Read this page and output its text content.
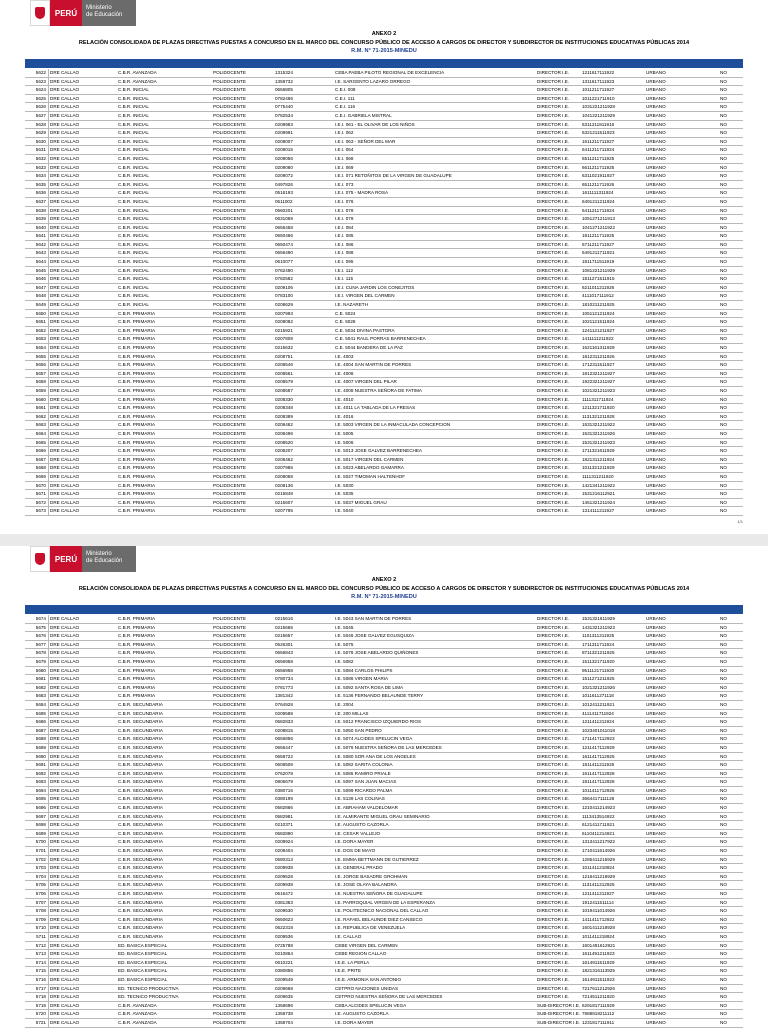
PERÚ
Ministerio
de Educación
ANEXO 2
RELACIÓN CONSOLIDADA DE PLAZAS DIRECTIVAS PUESTAS A CONCURSO EN EL MARCO DEL CONCURSO PÚBLICO DE ACCESO A CARGOS DE DIRECTOR Y SUBDIRECTOR DE INSTITUCIONES EDUCATIVAS PÚBLICAS 2014
R.M. N° 71-2015-MINEDU
5622 DRE CALLAO	C.B.R. AVANZADA	POLIDOCENTE	1315324	CEBA PAEBA PILOTO REGIONAL DE EXCELENCIA	DIRECTOR I.E.	1211617111922	URBANO	NO
5623 DRE CALLAO	C.B.R. AVANZADA	POLIDOCENTE	1358732	I.E. SARGENTO LAZARO ORREGO	DIRECTOR I.E.	1311617111923	URBANO	NO
5624 DRE CALLAO	C.B.R. INICIAL	POLIDOCENTE	0656805	C.E.I. 008	DIRECTOR I.E.	1011211711927	URBANO	NO
5625 DRE CALLAO	C.B.R. INICIAL	POLIDOCENTE	0782466	C.E.I. 111	DIRECTOR I.E.	1011221711910	URBANO	NO
5626 DRE CALLAO	C.B.R. INICIAL	POLIDOCENTE	0775440	C.E.I. 116	DIRECTOR I.E.	1031221211928	URBANO	NO
5627 DRE CALLAO	C.B.R. INICIAL	POLIDOCENTE	0782534	C.E.I. GABRIELA MISTRAL	DIRECTOR I.E.	1041221211929	URBANO	NO
5628 DRE CALLAO	C.B.R. INICIAL	POLIDOCENTE	0208983	I.E.I. 061 - EL OLIVAR DE LOS NIÑOS	DIRECTOR I.E.	6311211811916	URBANO	NO
5629 DRE CALLAO	C.B.R. INICIAL	POLIDOCENTE	0208991	I.E.I. 062	DIRECTOR I.E.	6321211511923	URBANO	NO
5630 DRE CALLAO	C.B.R. INICIAL	POLIDOCENTE	0209007	I.E.I. 063 - SEÑOR DEL MAR	DIRECTOR I.E.	1611211711927	URBANO	NO
5631 DRE CALLAO	C.B.R. INICIAL	POLIDOCENTE	0209015	I.E.I. 064	DIRECTOR I.E.	6411211711924	URBANO	NO
5632 DRE CALLAO	C.B.R. INICIAL	POLIDOCENTE	0209056	I.E.I. 068	DIRECTOR I.E.	6511211711925	URBANO	NO
5633 DRE CALLAO	C.B.R. INICIAL	POLIDOCENTE	0209080	I.E.I. 069	DIRECTOR I.E.	6611211711925	URBANO	NO
5634 DRE CALLAO	C.B.R. INICIAL	POLIDOCENTE	0209072	I.E.I. 071 RETOÑITOS DE LA VIRGEN DE GUADALUPE	DIRECTOR I.E.	6311021911927	URBANO	NO
5635 DRE CALLAO	C.B.R. INICIAL	POLIDOCENTE	0497826	I.E.I. 073	DIRECTOR I.E.	6511211711926	URBANO	NO
5636 DRE CALLAO	C.B.R. INICIAL	POLIDOCENTE	0516193	I.E.I. 075 - MADRA ROSA	DIRECTOR I.E.	1611111311924	URBANO	NO
5637 DRE CALLAO	C.B.R. INICIAL	POLIDOCENTE	0511002	I.E.I. 076	DIRECTOR I.E.	6491211211924	URBANO	NO
5638 DRE CALLAO	C.B.R. INICIAL	POLIDOCENTE	0560201	I.E.I. 078	DIRECTOR I.E.	6411211711924	URBANO	NO
5639 DRE CALLAO	C.B.R. INICIAL	POLIDOCENTE	0631069	I.E.I. 079	DIRECTOR I.E.	1051271211913	URBANO	NO
5640 DRE CALLAO	C.B.R. INICIAL	POLIDOCENTE	0656458	I.E.I. 084	DIRECTOR I.E.	1041271211922	URBANO	NO
5641 DRE CALLAO	C.B.R. INICIAL	POLIDOCENTE	0650466	I.E.I. 085	DIRECTOR I.E.	1811211711925	URBANO	NO
5642 DRE CALLAO	C.B.R. INICIAL	POLIDOCENTE	0650474	I.E.I. 086	DIRECTOR I.E.	6711211711927	URBANO	NO
5643 DRE CALLAO	C.B.R. INICIAL	POLIDOCENTE	0656490	I.E.I. 088	DIRECTOR I.E.	6491211711921	URBANO	NO
5644 DRE CALLAO	C.B.R. INICIAL	POLIDOCENTE	0610077	I.E.I. 095	DIRECTOR I.E.	1811711511919	URBANO	NO
5645 DRE CALLAO	C.B.R. INICIAL	POLIDOCENTE	0782490	I.E.I. 112	DIRECTOR I.E.	1081221211929	URBANO	NO
5646 DRE CALLAO	C.B.R. INICIAL	POLIDOCENTE	0782582	I.E.I. 115	DIRECTOR I.E.	1811271511915	URBANO	NO
5647 DRE CALLAO	C.B.R. INICIAL	POLIDOCENTE	0209106	I.E.I. CUNA JARDIN LOS CONEJITOS	DIRECTOR I.E.	6211011211926	URBANO	NO
5648 DRE CALLAO	C.B.R. INICIAL	POLIDOCENTE	0783100	I.E.I. VIRGEN DEL CARMEN	DIRECTOR I.E.	4111017111912	URBANO	NO
5649 DRE CALLAO	C.B.R. INICIAL	POLIDOCENTE	0208629	I.E. NAZARETH	DIRECTOR I.E.	1810211211925	URBANO	NO
5650 DRE CALLAO	C.B.R. PRIMARIA	POLIDOCENTE	0207993	C.E. 5024	DIRECTOR I.E.	1051121211924	URBANO	NO
5651 DRE CALLAO	C.B.R. PRIMARIA	POLIDOCENTE	0208082	C.E. 5028	DIRECTOR I.E.	1021121511924	URBANO	NO
5652 DRE CALLAO	C.B.R. PRIMARIA	POLIDOCENTE	0215921	C.E. 5034 DIVINA PASTORA	DIRECTOR I.E.	1241121211927	URBANO	NO
5653 DRE CALLAO	C.B.R. PRIMARIA	POLIDOCENTE	0207808	C.E. 5041 RAUL PORRAS BARRENECHEA	DIRECTOR I.E.	1411111211922	URBANO	NO
5654 DRE CALLAO	C.B.R. PRIMARIA	POLIDOCENTE	0215632	C.E. 5044 BANDERA DE LA PAZ	DIRECTOR I.E.	1621161311929	URBANO	NO
5655 DRE CALLAO	C.B.R. PRIMARIA	POLIDOCENTE	0208751	I.E. 4003	DIRECTOR I.E.	1812311211926	URBANO	NO
5656 DRE CALLAO	C.B.R. PRIMARIA	POLIDOCENTE	0208546	I.E. 4004 SAN MARTIN DE PORRES	DIRECTOR I.E.	1712311511927	URBANO	NO
5657 DRE CALLAO	C.B.R. PRIMARIA	POLIDOCENTE	0208561	I.E. 4006	DIRECTOR I.E.	1812321211927	URBANO	NO
5658 DRE CALLAO	C.B.R. PRIMARIA	POLIDOCENTE	0208579	I.E. 4007 VIRGEN DEL PILAR	DIRECTOR I.E.	1922321211927	URBANO	NO
5659 DRE CALLAO	C.B.R. PRIMARIA	POLIDOCENTE	0208587	I.E. 4008 NUESTRA SEÑORA DE FATIMA	DIRECTOR I.E.	1021321211923	URBANO	NO
5660 DRE CALLAO	C.B.R. PRIMARIA	POLIDOCENTE	0208330	I.E. 4010	DIRECTOR I.E.	1111311711924	URBANO	NO
5661 DRE CALLAO	C.B.R. PRIMARIA	POLIDOCENTE	0208348	I.E. 4011 LA TABLADA DE LA FRESAS	DIRECTOR I.E.	1211321711920	URBANO	NO
5662 DRE CALLAO	C.B.R. PRIMARIA	POLIDOCENTE	0208389	I.E. 4016	DIRECTOR I.E.	1131321211928	URBANO	NO
5663 DRE CALLAO	C.B.R. PRIMARIA	POLIDOCENTE	0208462	I.E. 5003 VIRGEN DE LA INMACULADA CONCEPCION	DIRECTOR I.E.	1531321211922	URBANO	NO
5664 DRE CALLAO	C.B.R. PRIMARIA	POLIDOCENTE	0208496	I.E. 5005	DIRECTOR I.E.	1531321211926	URBANO	NO
5665 DRE CALLAO	C.B.R. PRIMARIA	POLIDOCENTE	0208520	I.E. 5006	DIRECTOR I.E.	1531321211923	URBANO	NO
5666 DRE CALLAO	C.B.R. PRIMARIA	POLIDOCENTE	0208207	I.E. 5013 JOSE GALVEZ BARRENECHEA	DIRECTOR I.E.	1711321611929	URBANO	NO
5667 DRE CALLAO	C.B.R. PRIMARIA	POLIDOCENTE	0208462	I.E. 5017 VIRGEN DEL CARMEN	DIRECTOR I.E.	1821311211924	URBANO	NO
5668 DRE CALLAO	C.B.R. PRIMARIA	POLIDOCENTE	0207985	I.E. 5023 ABELARDO GAMARRA	DIRECTOR I.E.	1011321211929	URBANO	NO
5669 DRE CALLAO	C.B.R. PRIMARIA	POLIDOCENTE	0208058	I.E. 5027 TIMOMAN HALTENHOF	DIRECTOR I.E.	1111311211920	URBANO	NO
5670 DRE CALLAO	C.B.R. PRIMARIA	POLIDOCENTE	0208136	I.E. 5030	DIRECTOR I.E.	1421341211922	URBANO	NO
5671 DRE CALLAO	C.B.R. PRIMARIA	POLIDOCENTE	0215848	I.E. 5035	DIRECTOR I.E.	1531216112921	URBANO	NO
5672 DRE CALLAO	C.B.R. PRIMARIA	POLIDOCENTE	0215607	I.E. 5037 MIGUEL GRAU	DIRECTOR I.E.	1451321211924	URBANO	NO
5673 DRE CALLAO	C.B.R. PRIMARIA	POLIDOCENTE	0207795	I.E. 5040	DIRECTOR I.E.	1314111211927	URBANO	NO
1/1
PERÚ
Ministerio
de Educación
ANEXO 2
RELACIÓN CONSOLIDADA DE PLAZAS DIRECTIVAS PUESTAS A CONCURSO EN EL MARCO DEL CONCURSO PÚBLICO DE ACCESO A CARGOS DE DIRECTOR Y SUBDIRECTOR DE INSTITUCIONES EDUCATIVAS PÚBLICAS 2014
R.M. N° 71-2015-MINEDU
5674 DRE CALLAO	C.B.R. PRIMARIA	POLIDOCENTE	0215616	I.E. 5043 SAN MARTIN DE PORRES	DIRECTOR I.E.	1531321611929	URBANO	NO
5675 DRE CALLAO	C.B.R. PRIMARIA	POLIDOCENTE	0215665	I.E. 5045	DIRECTOR I.E.	1431321211923	URBANO	NO
5676 DRE CALLAO	C.B.R. PRIMARIA	POLIDOCENTE	0215657	I.E. 5046 JOSE GALVEZ EGUSQUIZA	DIRECTOR I.E.	1101311211925	URBANO	NO
5677 DRE CALLAO	C.B.R. PRIMARIA	POLIDOCENTE	0526301	I.E. 5075	DIRECTOR I.E.	1711311711924	URBANO	NO
5678 DRE CALLAO	C.B.R. PRIMARIA	POLIDOCENTE	0656843	I.E. 5078 JOSE ABELARDO QUIÑONES	DIRECTOR I.E.	8711321211925	URBANO	NO
5679 DRE CALLAO	C.B.R. PRIMARIA	POLIDOCENTE	0656958	I.E. 5082	DIRECTOR I.E.	1511321711920	URBANO	NO
5680 DRE CALLAO	C.B.R. PRIMARIA	POLIDOCENTE	0656958	I.E. 5084 CARLOS PHILIPS	DIRECTOR I.E.	9511121711920	URBANO	NO
5681 DRE CALLAO	C.B.R. PRIMARIA	POLIDOCENTE	0780734	I.E. 5086 VIRGEN MARIA	DIRECTOR I.E.	1511271211925	URBANO	NO
5682 DRE CALLAO	C.B.R. PRIMARIA	POLIDOCENTE	0781773	I.E. 5092 SANTA ROSA DE LIMA	DIRECTOR I.E.	1021321211926	URBANO	NO
5683 DRE CALLAO	C.B.R. PRIMARIA	POLIDOCENTE	1381342	I.E. 5136 FERNANDO BELAUNDE TERRY	DIRECTOR I.E.	1011611271118	URBANO	NO
5684 DRE CALLAO	C.B.R. SECUNDARIA	POLIDOCENTE	0764928	I.E. 2004	DIRECTOR I.E.	1012411211921	URBANO	NO
5685 DRE CALLAO	C.B.R. SECUNDARIA	POLIDOCENTE	0209589	I.E. 200 MILLAS	DIRECTOR I.E.	4111411711924	URBANO	NO
5686 DRE CALLAO	C.B.R. SECUNDARIA	POLIDOCENTE	0582833	I.E. 5012 FRANCISCO IZQUIERDO RIOS	DIRECTOR I.E.	1211411211924	URBANO	NO
5687 DRE CALLAO	C.B.R. SECUNDARIA	POLIDOCENTE	0208815	I.E. 5050 SAN PEDRO	DIRECTOR I.E.	1023401011018	URBANO	NO
5688 DRE CALLAO	C.B.R. SECUNDARIA	POLIDOCENTE	0656856	I.E. 5074 ALCIDES SPELUCIN VEGA	DIRECTOR I.E.	1711417112923	URBANO	NO
5689 DRE CALLAO	C.B.R. SECUNDARIA	POLIDOCENTE	0656447	I.E. 5076 NUESTRA SEÑORA DE LAS MERCEDES	DIRECTOR I.E.	1211417112929	URBANO	NO
5690 DRE CALLAO	C.B.R. SECUNDARIA	POLIDOCENTE	0658722	I.E. 5080 SOR ANA DE LOS ANGELES	DIRECTOR I.E.	1611417112925	URBANO	NO
5691 DRE CALLAO	C.B.R. SECUNDARIA	POLIDOCENTE	0608508	I.E. 5082 SARITA COLONIA	DIRECTOR I.E.	1811411211926	URBANO	NO
5692 DRE CALLAO	C.B.R. SECUNDARIA	POLIDOCENTE	0762078	I.E. 5085 RAMIRO PRIALE	DIRECTOR I.E.	1611417112928	URBANO	NO
5693 DRE CALLAO	C.B.R. SECUNDARIA	POLIDOCENTE	0806679	I.E. 5097 SAN JUAN MACIAS	DIRECTOR I.E.	1811417112928	URBANO	NO
5694 DRE CALLAO	C.B.R. SECUNDARIA	POLIDOCENTE	0380716	I.E. 5099 RICARDO PALMA	DIRECTOR I.E.	1011411712926	URBANO	NO
5695 DRE CALLAO	C.B.R. SECUNDARIA	POLIDOCENTE	0380199	I.E. 5139 LAS COLINAS	DIRECTOR I.E.	3664417111128	URBANO	NO
5696 DRE CALLAO	C.B.R. SECUNDARIA	POLIDOCENTE	0582866	I.E. ABRAHAM VALDELOMAR	DIRECTOR I.E.	1210411214923	URBANO	NO
5697 DRE CALLAO	C.B.R. SECUNDARIA	POLIDOCENTE	0582981	I.E. ALMIRANTE MIGUEL GRAU SEMINARIO	DIRECTOR I.E.	1113413514922	URBANO	NO
5698 DRE CALLAO	C.B.R. SECUNDARIA	POLIDOCENTE	0210371	I.E. AUGUSTO CAZORLA	DIRECTOR I.E.	6121411711921	URBANO	NO
5699 DRE CALLAO	C.B.R. SECUNDARIA	POLIDOCENTE	0582890	I.E. CESAR VALLEJO	DIRECTOR I.E.	6110411214921	URBANO	NO
5700 DRE CALLAO	C.B.R. SECUNDARIA	POLIDOCENTE	0208924	I.E. DORA MAYER	DIRECTOR I.E.	1313411217922	URBANO	NO
5701 DRE CALLAO	C.B.R. SECUNDARIA	POLIDOCENTE	0208404	I.E. DOS DE MAYO	DIRECTOR I.E.	1710411614926	URBANO	NO
5702 DRE CALLAO	C.B.R. SECUNDARIA	POLIDOCENTE	0580313	I.E. EMMA BETTMANN DE GUTIERREZ	DIRECTOR I.E.	1285411215929	URBANO	NO
5703 DRE CALLAO	C.B.R. SECUNDARIA	POLIDOCENTE	0209938	I.E. GENERAL PRADO	DIRECTOR I.E.	1011411218924	URBANO	NO
5704 DRE CALLAO	C.B.R. SECUNDARIA	POLIDOCENTE	0209528	I.E. JORGE BASADRE GROHMAN	DIRECTOR I.E.	1216411218929	URBANO	NO
5705 DRE CALLAO	C.B.R. SECUNDARIA	POLIDOCENTE	0209938	I.E. JOSE OLAYA BALANDRA	DIRECTOR I.E.	1131411212925	URBANO	NO
5706 DRE CALLAO	C.B.R. SECUNDARIA	POLIDOCENTE	0516472	I.E. NUESTRA SEÑORA DE GUADALUPE	DIRECTOR I.E.	1211411211927	URBANO	NO
5707 DRE CALLAO	C.B.R. SECUNDARIA	POLIDOCENTE	0381383	I.E. PARROQUIAL VIRGEN DE LA ESPERANZA	DIRECTOR I.E.	1912411511114	URBANO	NO
5708 DRE CALLAO	C.B.R. SECUNDARIA	POLIDOCENTE	0209530	I.E. POLITECNICO NACIONAL DEL CALLAO	DIRECTOR I.E.	1019411014926	URBANO	NO
5709 DRE CALLAO	C.B.R. SECUNDARIA	POLIDOCENTE	0650623	I.E. RAFAEL BELAUNDE DIEZ CANSECO	DIRECTOR I.E.	1411411712922	URBANO	NO
5710 DRE CALLAO	C.B.R. SECUNDARIA	POLIDOCENTE	0522318	I.E. REPUBLICA DE VENEZUELA	DIRECTOR I.E.	1601411218928	URBANO	NO
5711 DRE CALLAO	C.B.R. SECUNDARIA	POLIDOCENTE	0209536	I.E. CALLAO	DIRECTOR I.E.	1011411218924	URBANO	NO
5712 DRE CALLAO	ED. BASICA ESPECIAL	POLIDOCENTE	0725788	CEBE VIRGEN DEL CARMEN	DIRECTOR I.E.	1601491612921	URBANO	NO
5713 DRE CALLAO	ED. BASICA ESPECIAL	POLIDOCENTE	0210864	CEBE REGION CALLAO	DIRECTOR I.E.	1611491211923	URBANO	NO
5714 DRE CALLAO	ED. BASICA ESPECIAL	POLIDOCENTE	0610221	I.E.E. LA PERLA	DIRECTOR I.E.	1614911511929	URBANO	NO
5715 DRE CALLAO	ED. BASICA ESPECIAL	POLIDOCENTE	0380856	I.E.E. PRITE	DIRECTOR I.E.	1821316113925	URBANO	NO
5716 DRE CALLAO	ED. BASICA ESPECIAL	POLIDOCENTE	0209549	I.E.E. ARMONIA SAN ANTONIO	DIRECTOR I.E.	1614911511923	URBANO	NO
5717 DRE CALLAO	ED. TECNICO PRODUCTIVA	POLIDOCENTE	0209668	CETPRO NACIONES UNIDAS	DIRECTOR I.E.	7217611212926	URBANO	NO
5718 DRE CALLAO	ED. TECNICO PRODUCTIVA	POLIDOCENTE	0209635	CETPRO NUESTRA SEÑORA DE LAS MERCEDES	DIRECTOR I.E.	7214511211920	URBANO	NO
5719 DRE CALLAO	C.B.R. AVANZADA	POLIDOCENTE	1358696	CEBA ALCIDES SPELUCIN VEGA	SUB-DIRECTOR I.E. 6291817111929	URBANO	NO
5720 DRE CALLAO	C.B.R. AVANZADA	POLIDOCENTE	1358738	I.E. AUGUSTO CAZORLA	SUB-DIRECTOR I.E. 7888818211112	URBANO	NO
5721 DRE CALLAO	C.B.R. AVANZADA	POLIDOCENTE	1358704	I.E. DORA MAYER	SUB-DIRECTOR I.E. 1231817111911	URBANO	NO
